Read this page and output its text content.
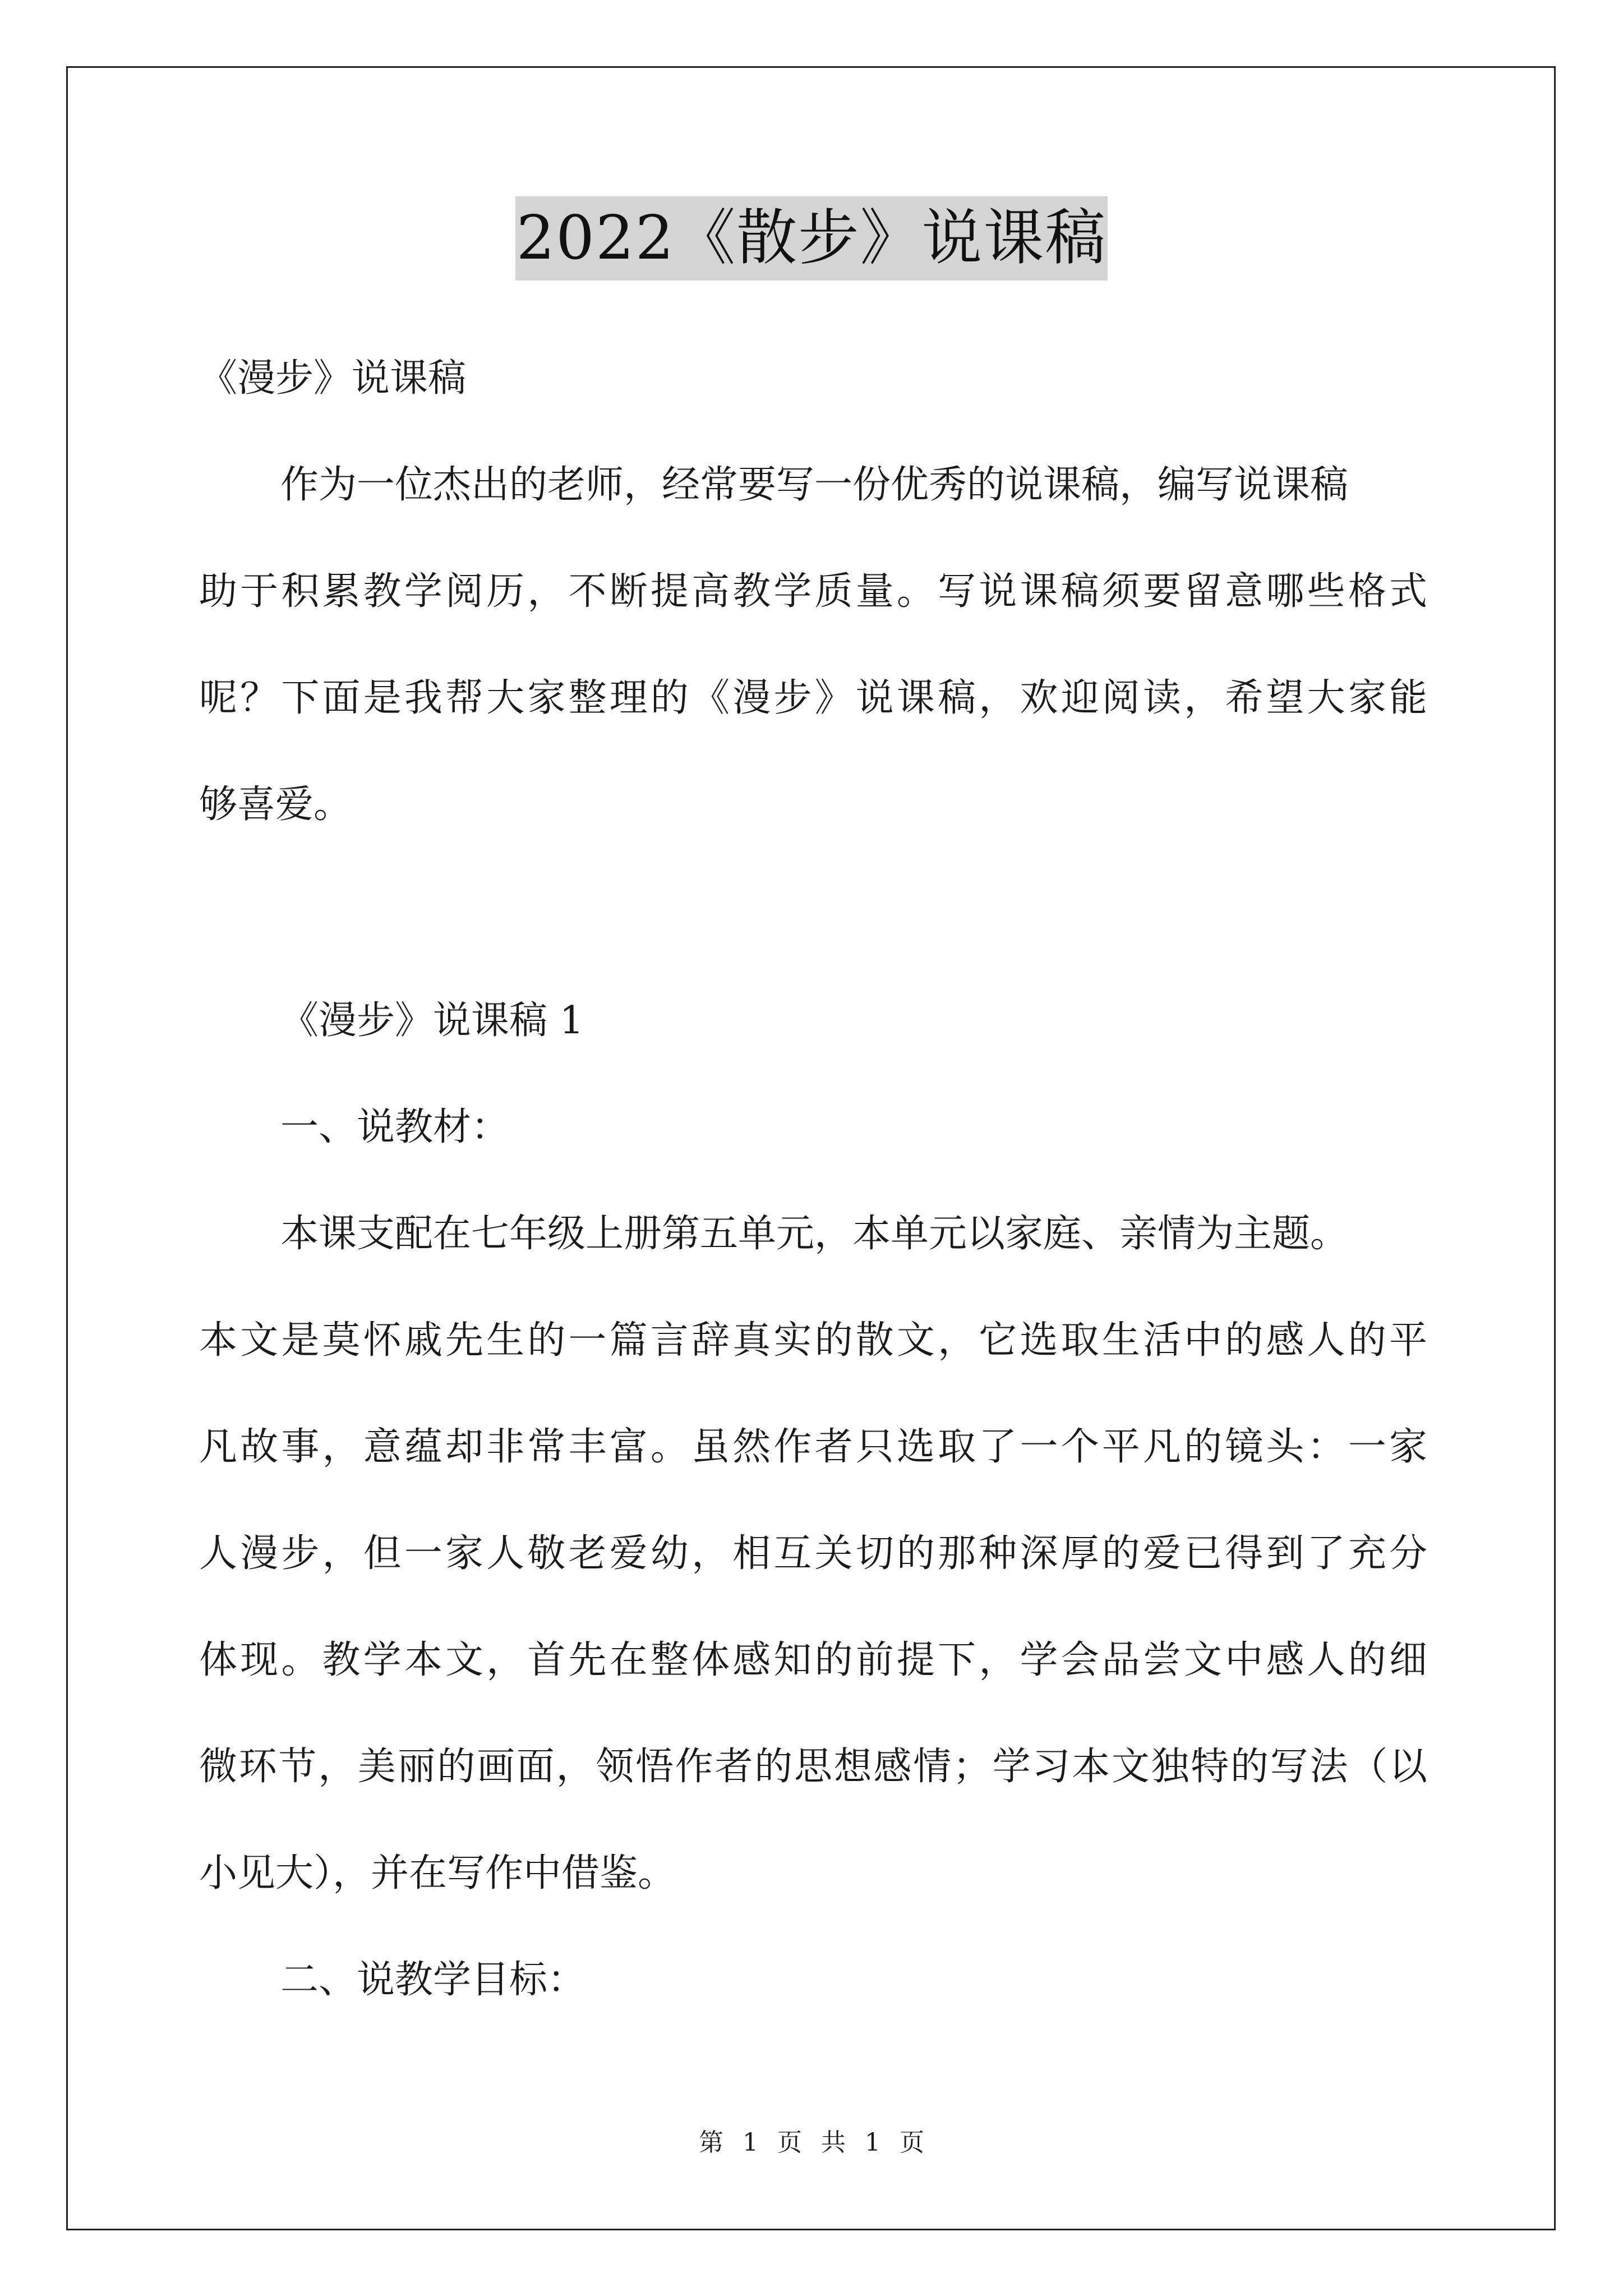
2022《散步》说课稿
《漫步》说课稿
作为一位杰出的老师，经常要写一份优秀的说课稿，编写说课稿
助于积累教学阅历，不断提高教学质量。写说课稿须要留意哪些格式
呢？下面是我帮大家整理的《漫步》说课稿，欢迎阅读，希望大家能
够喜爱。
《漫步》说课稿 1
一、说教材：
本课支配在七年级上册第五单元，本单元以家庭、亲情为主题。
本文是莫怀戚先生的一篇言辞真实的散文，它选取生活中的感人的平
凡故事，意蕴却非常丰富。虽然作者只选取了一个平凡的镜头：一家
人漫步，但一家人敬老爱幼，相互关切的那种深厚的爱已得到了充分
体现。教学本文，首先在整体感知的前提下，学会品尝文中感人的细
微环节，美丽的画面，领悟作者的思想感情；学习本文独特的写法（以
小见大），并在写作中借鉴。
二、说教学目标：
第 1 页 共 1 页
